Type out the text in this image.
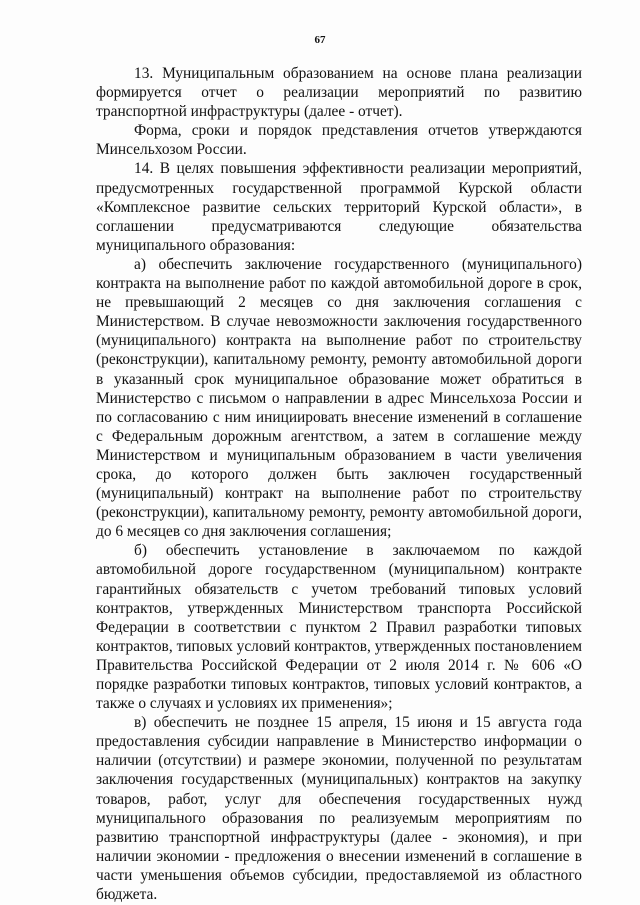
67

13. Муниципальным образованием на основе плана реализации формируется отчет о реализации мероприятий по развитию транспортной инфраструктуры (далее - отчет).

Форма, сроки и порядок представления отчетов утверждаются Минсельхозом России.

14. В целях повышения эффективности реализации мероприятий, предусмотренных государственной программой Курской области «Комплексное развитие сельских территорий Курской области», в соглашении предусматриваются следующие обязательства муниципального образования:

а) обеспечить заключение государственного (муниципального) контракта на выполнение работ по каждой автомобильной дороге в срок, не превышающий 2 месяцев со дня заключения соглашения с Министерством. В случае невозможности заключения государственного (муниципального) контракта на выполнение работ по строительству (реконструкции), капитальному ремонту, ремонту автомобильной дороги в указанный срок муниципальное образование может обратиться в Министерство с письмом о направлении в адрес Минсельхоза России и по согласованию с ним инициировать внесение изменений в соглашение с Федеральным дорожным агентством, а затем в соглашение между Министерством и муниципальным образованием в части увеличения срока, до которого должен быть заключен государственный (муниципальный) контракт на выполнение работ по строительству (реконструкции), капитальному ремонту, ремонту автомобильной дороги, до 6 месяцев со дня заключения соглашения;

б) обеспечить установление в заключаемом по каждой автомобильной дороге государственном (муниципальном) контракте гарантийных обязательств с учетом требований типовых условий контрактов, утвержденных Министерством транспорта Российской Федерации в соответствии с пунктом 2 Правил разработки типовых контрактов, типовых условий контрактов, утвержденных постановлением Правительства Российской Федерации от 2 июля 2014 г. № 606 «О порядке разработки типовых контрактов, типовых условий контрактов, а также о случаях и условиях их применения»;

в) обеспечить не позднее 15 апреля, 15 июня и 15 августа года предоставления субсидии направление в Министерство информации о наличии (отсутствии) и размере экономии, полученной по результатам заключения государственных (муниципальных) контрактов на закупку товаров, работ, услуг для обеспечения государственных нужд муниципального образования по реализуемым мероприятиям по развитию транспортной инфраструктуры (далее - экономия), и при наличии экономии - предложения о внесении изменений в соглашение в части уменьшения объемов субсидии, предоставляемой из областного бюджета.
